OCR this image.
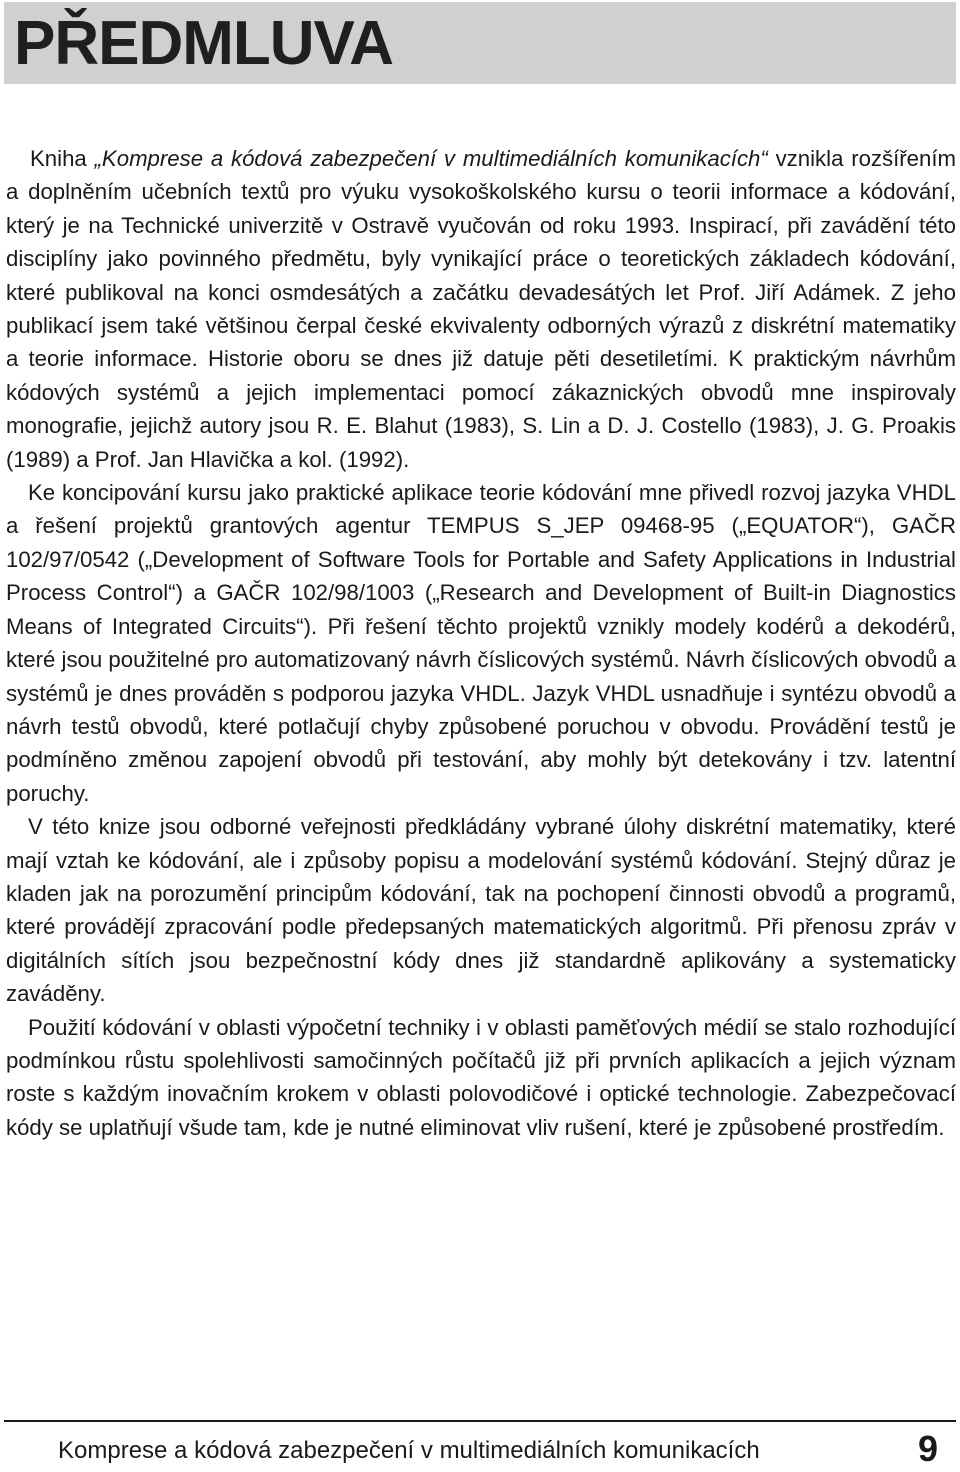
PŘEDMLUVA

Kniha „Komprese a kódová zabezpečení v multimediálních komunikacích“ vznikla rozšířením a doplněním učebních textů pro výuku vysokoškolského kursu o teorii informace a kódování, který je na Technické univerzitě v Ostravě vyučován od roku 1993. Inspirací, při zavádění této disciplíny jako povinného předmětu, byly vynikající práce o teoretických základech kódování, které publikoval na konci osmdesátých a začátku devadesátých let Prof. Jiří Adámek. Z jeho publikací jsem také většinou čerpal české ekvivalenty odborných výrazů z diskrétní matematiky a teorie informace. Historie oboru se dnes již datuje pěti desetiletími. K praktickým návrhům kódových systémů a jejich implementaci pomocí zákaznických obvodů mne inspirovaly monografie, jejichž autory jsou R. E. Blahut (1983), S. Lin a D. J. Costello (1983), J. G. Proakis (1989) a Prof. Jan Hlavička a kol. (1992).

Ke koncipování kursu jako praktické aplikace teorie kódování mne přivedl rozvoj jazyka VHDL a řešení projektů grantových agentur TEMPUS S_JEP 09468-95 („EQUATOR“), GAČR 102/97/0542 („Development of Software Tools for Portable and Safety Applications in Industrial Process Control“) a GAČR 102/98/1003 („Research and Development of Built-in Diagnostics Means of Integrated Circuits“). Při řešení těchto projektů vznikly modely kodérů a dekodérů, které jsou použitelné pro automatizovaný návrh číslicových systémů. Návrh číslicových obvodů a systémů je dnes prováděn s podporou jazyka VHDL. Jazyk VHDL usnadňuje i syntézu obvodů a návrh testů obvodů, které potlačují chyby způsobené poruchou v obvodu. Provádění testů je podmíněno změnou zapojení obvodů při testování, aby mohly být detekovány i tzv. latentní poruchy.

V této knize jsou odborné veřejnosti předkládány vybrané úlohy diskrétní matematiky, které mají vztah ke kódování, ale i způsoby popisu a modelování systémů kódování. Stejný důraz je kladen jak na porozumění principům kódování, tak na pochopení činnosti obvodů a programů, které provádějí zpracování podle předepsaných matematických algoritmů. Při přenosu zpráv v digitálních sítích jsou bezpečnostní kódy dnes již standardně aplikovány a systematicky zaváděny.

Použití kódování v oblasti výpočetní techniky i v oblasti paměťových médií se stalo rozhodující podmínkou růstu spolehlivosti samočinných počítačů již při prvních aplikacích a jejich význam roste s každým inovačním krokem v oblasti polovodičové i optické technologie. Zabezpečovací kódy se uplatňují všude tam, kde je nutné eliminovat vliv rušení, které je způsobené prostředím.

Komprese a kódová zabezpečení v multimediálních komunikacích	9
